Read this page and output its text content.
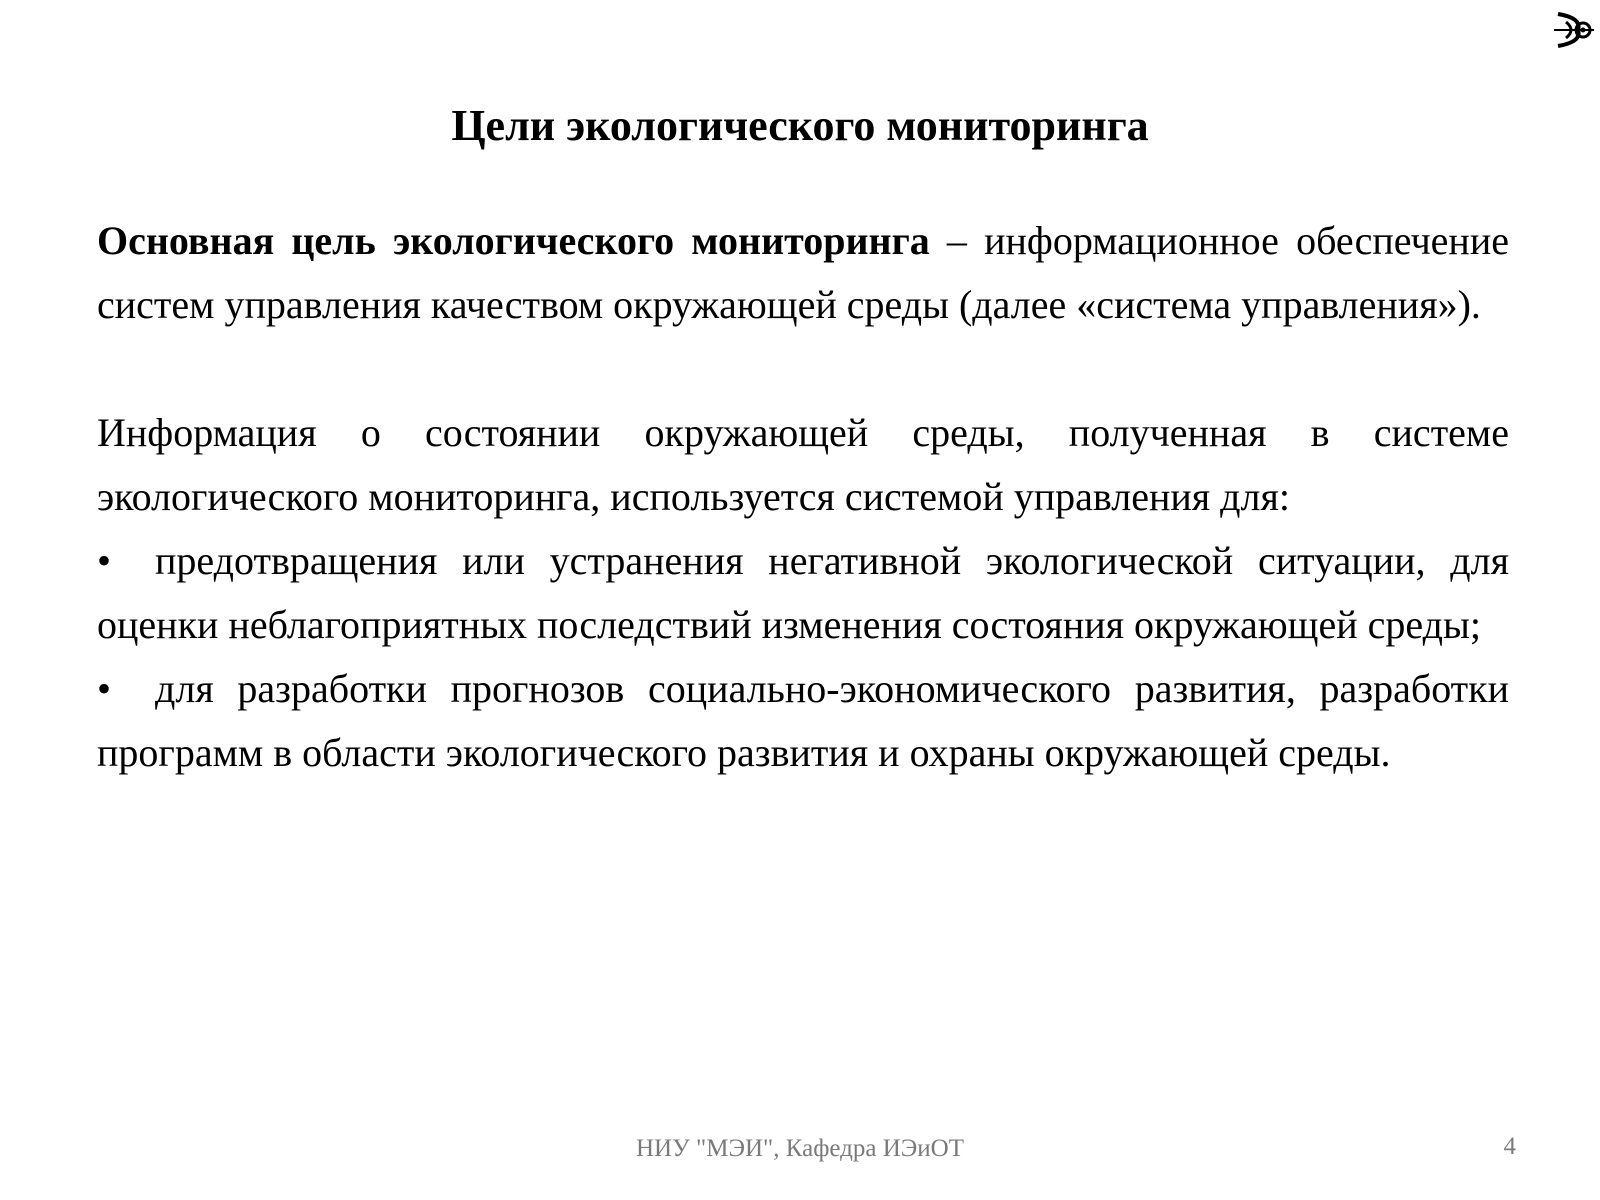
Цели экологического мониторинга

Основная цель экологического мониторинга – информационное обеспечение систем управления качеством окружающей среды (далее «система управления»).

Информация о состоянии окружающей среды, полученная в системе экологического мониторинга, используется системой управления для:

• предотвращения или устранения негативной экологической ситуации, для оценки неблагоприятных последствий изменения состояния окружающей среды;

• для разработки прогнозов социально-экономического развития, разработки программ в области экологического развития и охраны окружающей среды.

НИУ "МЭИ", Кафедра ИЭиОТ	4
